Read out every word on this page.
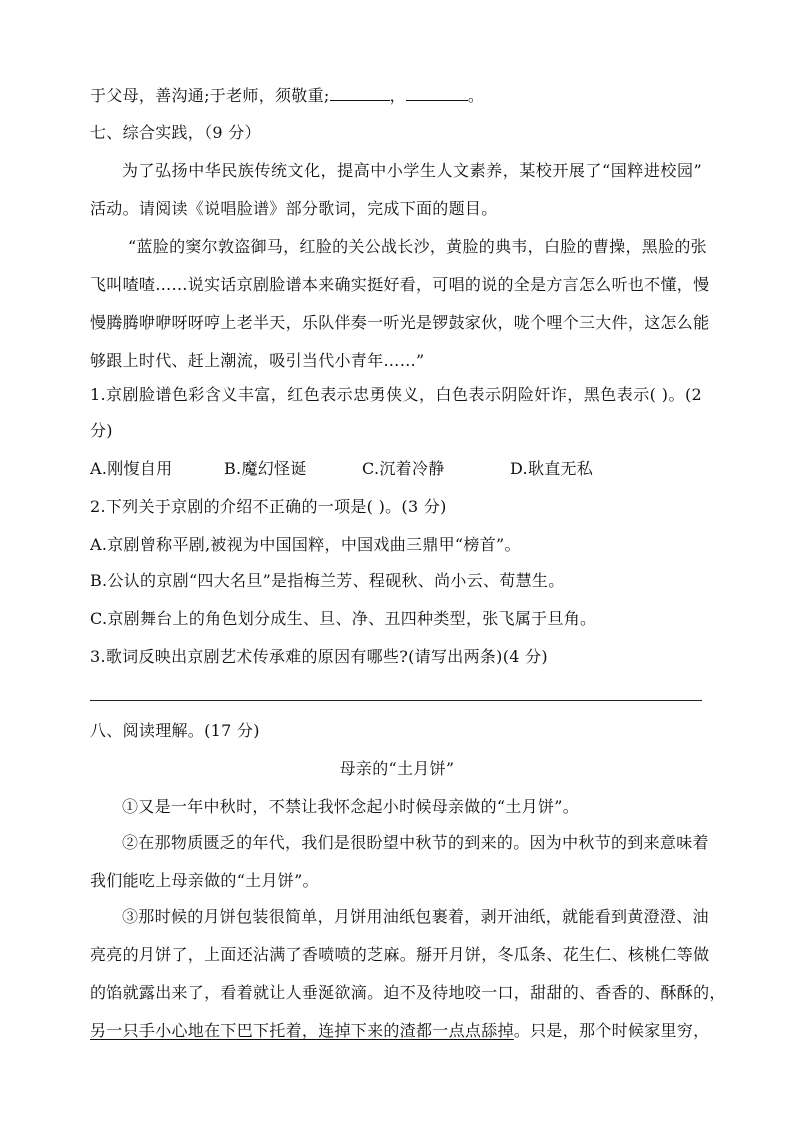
于父母，善沟通;于老师，须敬重;	，	。
七、综合实践，（9 分）
为了弘扬中华民族传统文化，提高中小学生人文素养，某校开展了“国粹进校园”
活动。请阅读《说唱脸谱》部分歌词，完成下面的题目。
“蓝脸的窦尔敦盗御马，红脸的关公战长沙，黄脸的典韦，白脸的曹操，黑脸的张
飞叫喳喳……说实话京剧脸谱本来确实挺好看，可唱的说的全是方言怎么听也不懂，慢
慢腾腾咿咿呀呀哼上老半天，乐队伴奏一听光是锣鼓家伙，咙个哩个三大件，这怎么能
够跟上时代、赶上潮流，吸引当代小青年……”
1.京剧脸谱色彩含义丰富，红色表示忠勇侠义，白色表示阴险奸诈，黑色表示( )。(2
分)
A.刚愎自用	B.魔幻怪诞	C.沉着冷静	D.耿直无私
2.下列关于京剧的介绍不正确的一项是( )。(3 分)
A.京剧曾称平剧,被视为中国国粹，中国戏曲三鼎甲“榜首”。
B.公认的京剧“四大名旦”是指梅兰芳、程砚秋、尚小云、荀慧生。
C.京剧舞台上的角色划分成生、旦、净、丑四种类型，张飞属于旦角。
3.歌词反映出京剧艺术传承难的原因有哪些?(请写出两条)(4 分)
八、阅读理解。(17 分)
母亲的“土月饼”
①又是一年中秋时，不禁让我怀念起小时候母亲做的“土月饼”。
②在那物质匮乏的年代，我们是很盼望中秋节的到来的。因为中秋节的到来意味着
我们能吃上母亲做的“土月饼”。
③那时候的月饼包装很简单，月饼用油纸包裹着，剥开油纸，就能看到黄澄澄、油
亮亮的月饼了，上面还沾满了香喷喷的芝麻。掰开月饼，冬瓜条、花生仁、核桃仁等做
的馅就露出来了，看着就让人垂涎欲滴。迫不及待地咬一口，甜甜的、香香的、酥酥的，
另一只手小心地在下巴下托着，连掉下来的渣都一点点舔掉。只是，那个时候家里穷，
